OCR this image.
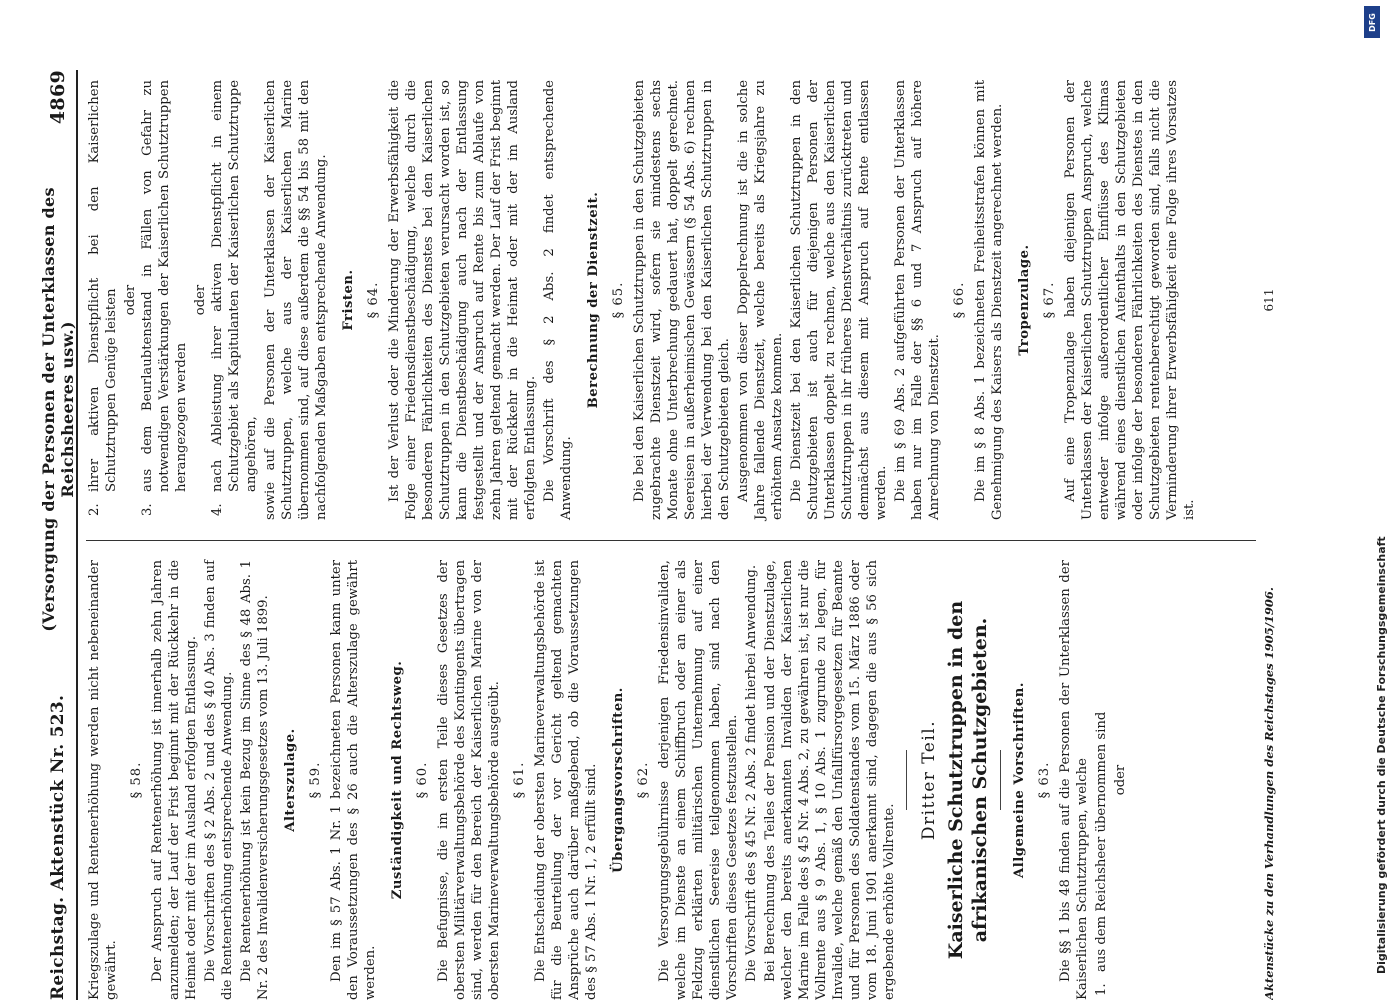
Reichstag. Aktenstück Nr. 523.
(Versorgung der Personen der Unterklassen des Reichsheeres usw.)
4869

Kriegszulage und Rentenerhöhung werden nicht nebeneinander gewährt.

§ 58. Der Anspruch auf Rentenerhöhung ist innerhalb zehn Jahren anzumelden; der Lauf der Frist beginnt mit der Rückkehr in die Heimat oder mit der im Ausland erfolgten Entlassung. Die Vorschriften des § 2 Abs. 2 und des § 40 Abs. 3 finden auf die Rentenerhöhung entsprechende Anwendung. Die Rentenerhöhung ist kein Bezug im Sinne des § 48 Abs. 1 Nr. 2 des Invalidenversicherungsgesetzes vom 13. Juli 1899. Alterszulage. § 59. Den im § 57 Abs. 1 Nr. 1 bezeichneten Personen kann unter den Voraussetzungen des § 26 auch die Alterszulage gewährt werden.

Zuständigkeit und Rechtsweg. § 60. Die Befugnisse, die im ersten Teile dieses Gesetzes der obersten Militärverwaltungsbehörde des Kontingents übertragen sind, werden für den Bereich der Kaiserlichen Marine von der obersten Marineverwaltungsbehörde ausgeübt. § 61. Die Entscheidung der obersten Marineverwaltungsbehörde ist für die Beurteilung der vor Gericht geltend gemachten Ansprüche auch darüber maßgebend, ob die Voraussetzungen des § 57 Abs. 1 Nr. 1, 2 erfüllt sind. Übergangsvorschriften. § 62. Die Versorgungsgebührnisse derjenigen Friedensinvaliden, welche im Dienste an einem Schiffbruch oder an einer als Feldzug erklärten militärischen Unternehmung auf einer dienstlichen Seereise teilgenommen haben, sind nach den Vorschriften dieses Gesetzes festzustellen. Die Vorschrift des § 45 Nr. 2 Abs. 2 findet hierbei Anwendung. Bei Berechnung des Teiles der Pension und der Dienstzulage, welcher den bereits anerkannten Invaliden der Kaiserlichen Marine im Falle des § 45 Nr. 4 Abs. 2, zu gewähren ist, ist nur die Vollrente aus § 9 Abs. 1, § 10 Abs. 1 zugrunde zu legen, für Invalide, welche gemäß den Unfallfürsorgegesetzen für Beamte und für Personen des Soldatenstandes vom 15. März 1886 oder vom 18. Juni 1901 anerkannt sind, dagegen die aus § 56 sich ergebende erhöhte Vollrente.

Dritter Teil. Kaiserliche Schutztruppen in den afrikanischen Schutzgebieten. Allgemeine Vorschriften. § 63. Die §§ 1 bis 48 finden auf die Personen der Unterklassen der Kaiserlichen Schutztruppen, welche 1.
aus dem Reichsheer übernommen sind oder

2.
ihrer aktiven Dienstpflicht bei den Kaiserlichen Schutztruppen Genüge leisten oder

3.
aus dem Beurlaubtenstand in Fällen von Gefahr zu notwendigen Verstärkungen der Kaiserlichen Schutztruppen herangezogen werden

oder

4.
nach Ableistung ihrer aktiven Dienstpflicht in einem Schutzgebiet als Kapitulanten der Kaiserlichen Schutztruppe angehören, sowie auf die Personen der Unterklassen der Kaiserlichen Schutztruppen, welche aus der Kaiserlichen Marine übernommen sind, auf diese außerdem die §§ 54 bis 58 mit den nachfolgenden Maßgaben entsprechende Anwendung. Fristen. § 64. Ist der Verlust oder die Minderung der Erwerbsfähigkeit die Folge einer Friedensdienstbeschädigung, welche durch die besonderen Fährlichkeiten des Dienstes bei den Kaiserlichen Schutztruppen in den Schutzgebieten verursacht worden ist, so kann die Dienstbeschädigung auch nach der Entlassung festgestellt und der Anspruch auf Rente bis zum Ablaufe von zehn Jahren geltend gemacht werden. Der Lauf der Frist beginnt mit der Rückkehr in die Heimat oder mit der im Ausland erfolgten Entlassung. Die Vorschrift des § 2 Abs. 2 findet entsprechende Anwendung.

Berechnung der Dienstzeit. § 65. Die bei den Kaiserlichen Schutztruppen in den Schutzgebieten zugebrachte Dienstzeit wird, sofern sie mindestens sechs Monate ohne Unterbrechung gedauert hat, doppelt gerechnet. Seereisen in außerheimischen Gewässern (§ 54 Abs. 6) rechnen hierbei der Verwendung bei den Kaiserlichen Schutztruppen in den Schutzgebieten gleich. Ausgenommen von dieser Doppelrechnung ist die in solche Jahre fallende Dienstzeit, welche bereits als Kriegsjahre zu erhöhtem Ansatze kommen. Die Dienstzeit bei den Kaiserlichen Schutztruppen in den Schutzgebieten ist auch für diejenigen Personen der Unterklassen doppelt zu rechnen, welche aus den Kaiserlichen Schutztruppen in ihr früheres Dienstverhältnis zurücktreten und demnächst aus diesem mit Anspruch auf Rente entlassen werden. Die im § 69 Abs. 2 aufgeführten Personen der Unterklassen haben nur im Falle der §§ 6 und 7 Anspruch auf höhere Anrechnung von Dienstzeit.

§ 66. Die im § 8 Abs. 1 bezeichneten Freiheitsstrafen können mit Genehmigung des Kaisers als Dienstzeit angerechnet werden. Tropenzulage. § 67. Auf eine Tropenzulage haben diejenigen Personen der Unterklassen der Kaiserlichen Schutztruppen Anspruch, welche entweder infolge außerordentlicher Einflüsse des Klimas während eines dienstlichen Aufenthalts in den Schutzgebieten oder infolge der besonderen Fährlichkeiten des Dienstes in den Schutzgebieten rentenberechtigt geworden sind, falls nicht die Verminderung ihrer Erwerbsfähigkeit eine Folge ihres Vorsatzes ist.

Aktenstücke zu den Verhandlungen des Reichstages 1905/1906.
611
Digitalisierung gefördert durch die Deutsche Forschungsgemeinschaft
DFG
